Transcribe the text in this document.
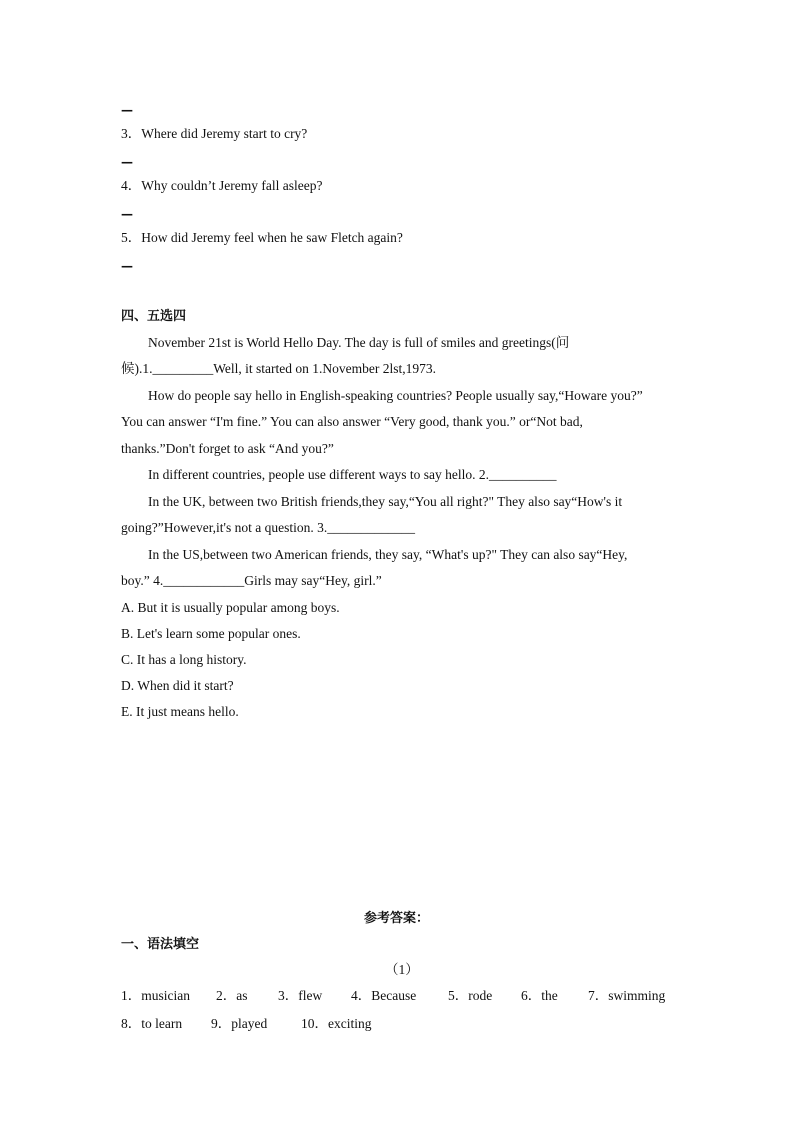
—
3．Where did Jeremy start to cry?
—
4．Why couldn’t Jeremy fall asleep?
—
5．How did Jeremy feel when he saw Fletch again?
—
四、五选四
November 21st is World Hello Day. The day is full of smiles and greetings(问
候).1._________Well, it started on 1.November 2lst,1973.
How do people say hello in English-speaking countries? People usually say,“Howare you?”
You can answer “I'm fine.” You can also answer “Very good, thank you.” or“Not bad,
thanks.”Don't forget to ask “And you?”
In different countries, people use different ways to say hello. 2.__________
In the UK, between two British friends,they say,“You all right?" They also say“How's it
going?”However,it's not a question. 3._____________
In the US,between two American friends, they say, “What's up?" They can also say“Hey,
boy.” 4.____________Girls may say“Hey, girl.”
A. But it is usually popular among boys.
B. Let's learn some popular ones.
C. It has a long history.
D. When did it start?
E. It just means hello.
参考答案：
一、语法填空
（1）
1．musician 2．as 3．flew 4．Because 5．rode 6．the 7．swimming
8．to learn 9．played	10．exciting
